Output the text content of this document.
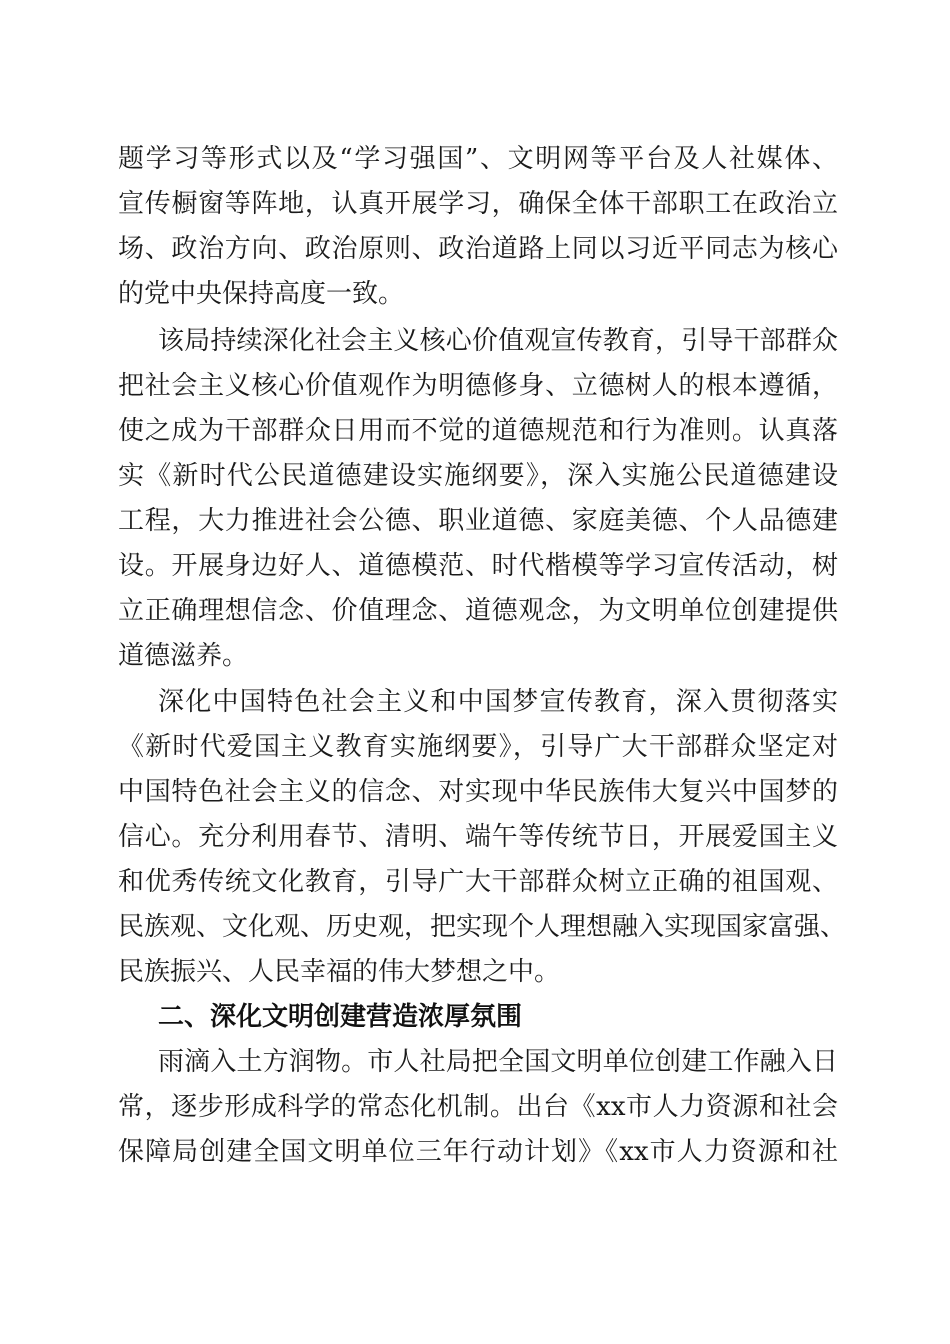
题学习等形式以及“学习强国”、文明网等平台及人社媒体、
宣传橱窗等阵地，认真开展学习，确保全体干部职工在政治立
场、政治方向、政治原则、政治道路上同以习近平同志为核心
的党中央保持高度一致。
该局持续深化社会主义核心价值观宣传教育，引导干部群众
把社会主义核心价值观作为明德修身、立德树人的根本遵循，
使之成为干部群众日用而不觉的道德规范和行为准则。认真落
实《新时代公民道德建设实施纲要》，深入实施公民道德建设
工程，大力推进社会公德、职业道德、家庭美德、个人品德建
设。开展身边好人、道德模范、时代楷模等学习宣传活动，树
立正确理想信念、价值理念、道德观念，为文明单位创建提供
道德滋养。
深化中国特色社会主义和中国梦宣传教育，深入贯彻落实
《新时代爱国主义教育实施纲要》，引导广大干部群众坚定对
中国特色社会主义的信念、对实现中华民族伟大复兴中国梦的
信心。充分利用春节、清明、端午等传统节日，开展爱国主义
和优秀传统文化教育，引导广大干部群众树立正确的祖国观、
民族观、文化观、历史观，把实现个人理想融入实现国家富强、
民族振兴、人民幸福的伟大梦想之中。
二、深化文明创建营造浓厚氛围
雨滴入土方润物。市人社局把全国文明单位创建工作融入日
常，逐步形成科学的常态化机制。出台《xx市人力资源和社会
保障局创建全国文明单位三年行动计划》《xx市人力资源和社
